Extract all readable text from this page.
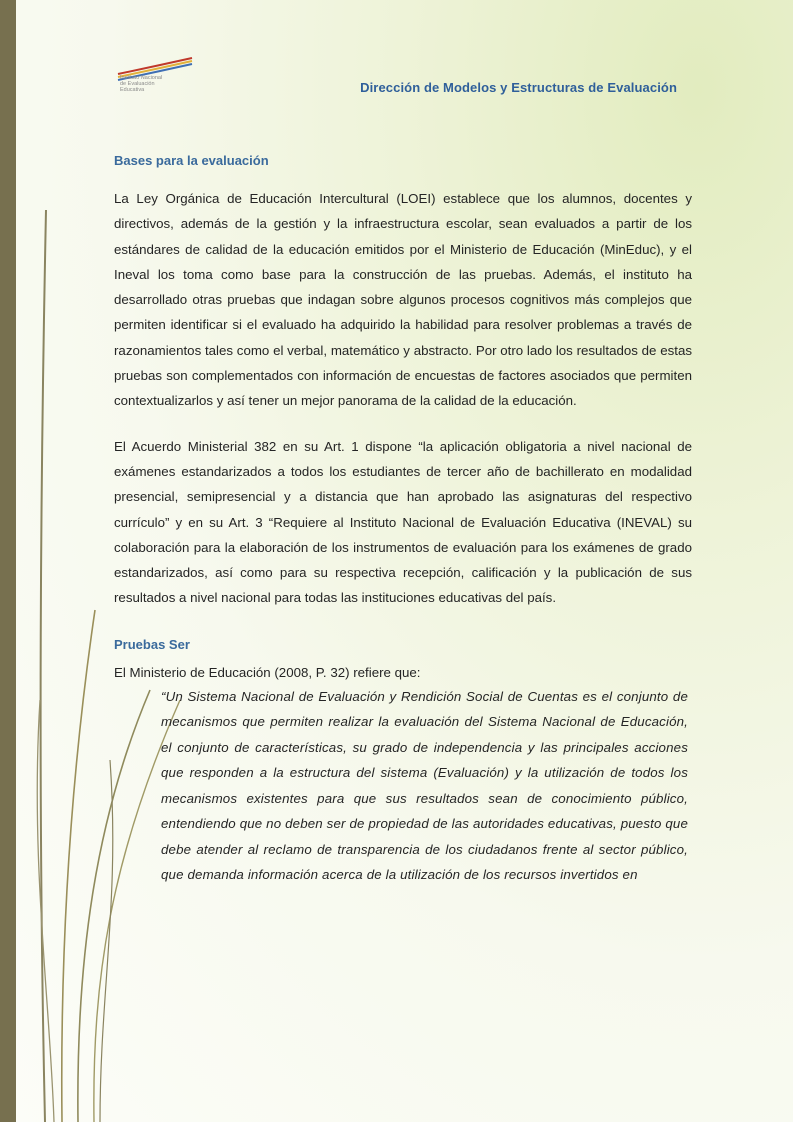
Instituto Nacional
de Evaluación
Educativa	Dirección de Modelos y Estructuras de Evaluación
Bases para la evaluación

La Ley Orgánica de Educación Intercultural (LOEI) establece que los alumnos, docentes y directivos, además de la gestión y la infraestructura escolar, sean evaluados a partir de los estándares de calidad de la educación emitidos por el Ministerio de Educación (MinEduc), y el Ineval los toma como base para la construcción de las pruebas. Además, el instituto ha desarrollado otras pruebas que indagan sobre algunos procesos cognitivos más complejos que permiten identificar si el evaluado ha adquirido la habilidad para resolver problemas a través de razonamientos tales como el verbal, matemático y abstracto. Por otro lado los resultados de estas pruebas son complementados con información de encuestas de factores asociados que permiten contextualizarlos y así tener un mejor panorama de la calidad de la educación.

El Acuerdo Ministerial 382 en su Art. 1 dispone “la aplicación obligatoria a nivel nacional de exámenes estandarizados a todos los estudiantes de tercer año de bachillerato en modalidad presencial, semipresencial y a distancia que han aprobado las asignaturas del respectivo currículo” y en su Art. 3 “Requiere al Instituto Nacional de Evaluación Educativa (INEVAL) su colaboración para la elaboración de los instrumentos de evaluación para los exámenes de grado estandarizados, así como para su respectiva recepción, calificación y la publicación de sus resultados a nivel nacional para todas las instituciones educativas del país.

Pruebas Ser

El Ministerio de Educación (2008, P. 32) refiere que:

“Un Sistema Nacional de Evaluación y Rendición Social de Cuentas es el conjunto de mecanismos que permiten realizar la evaluación del Sistema Nacional de Educación, el conjunto de características, su grado de independencia y las principales acciones que responden a la estructura del sistema (Evaluación) y la utilización de todos los mecanismos existentes para que sus resultados sean de conocimiento público, entendiendo que no deben ser de propiedad de las autoridades educativas, puesto que debe atender al reclamo de transparencia de los ciudadanos frente al sector público, que demanda información acerca de la utilización de los recursos invertidos en
